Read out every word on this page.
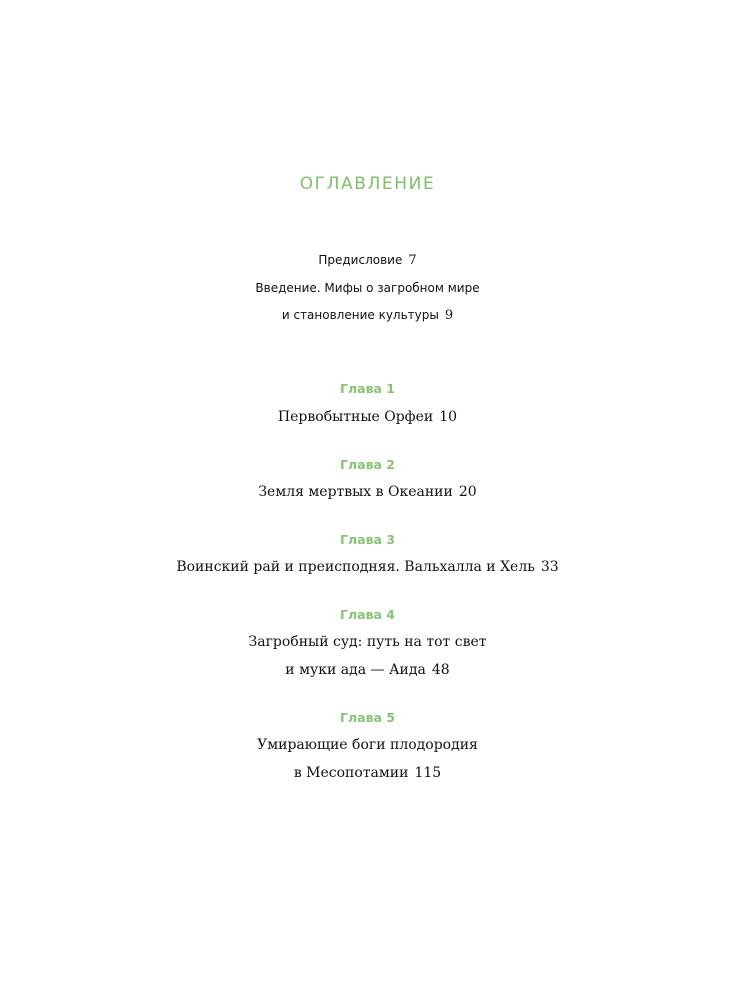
ОГЛАВЛЕНИЕ
Предисловие 7
Введение. Мифы о загробном мире
и становление культуры 9
Глава 1
Первобытные Орфеи 10
Глава 2
Земля мертвых в Океании 20
Глава 3
Воинский рай и преисподняя. Вальхалла и Хель 33
Глава 4
Загробный суд: путь на тот свет
и муки ада — Аида 48
Глава 5
Умирающие боги плодородия
в Месопотамии 115
